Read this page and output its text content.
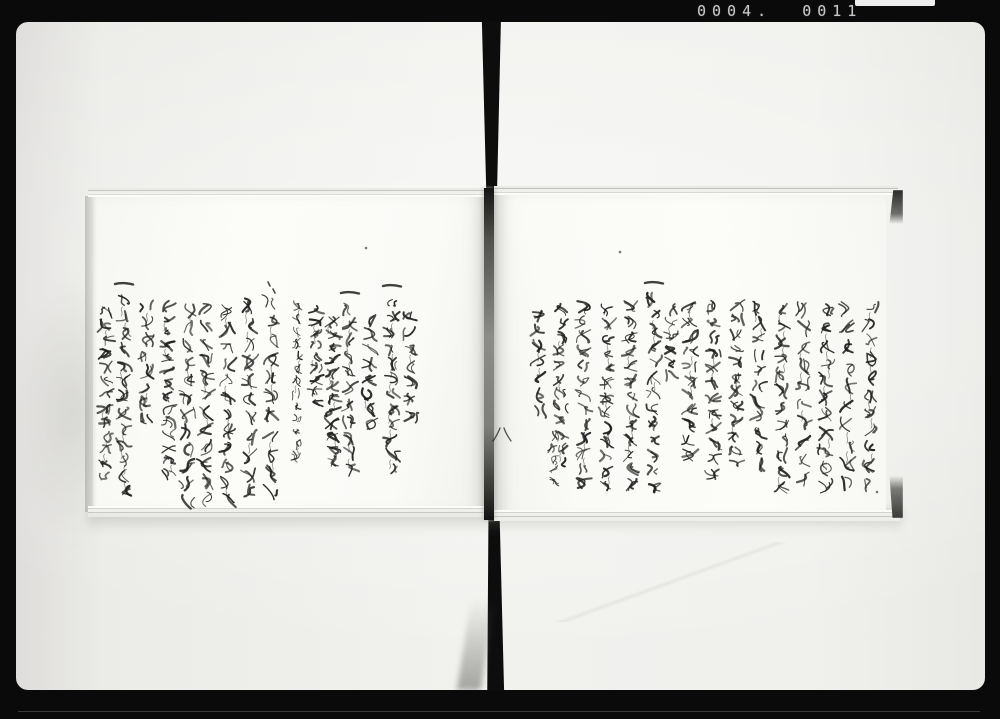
0004.  0011
